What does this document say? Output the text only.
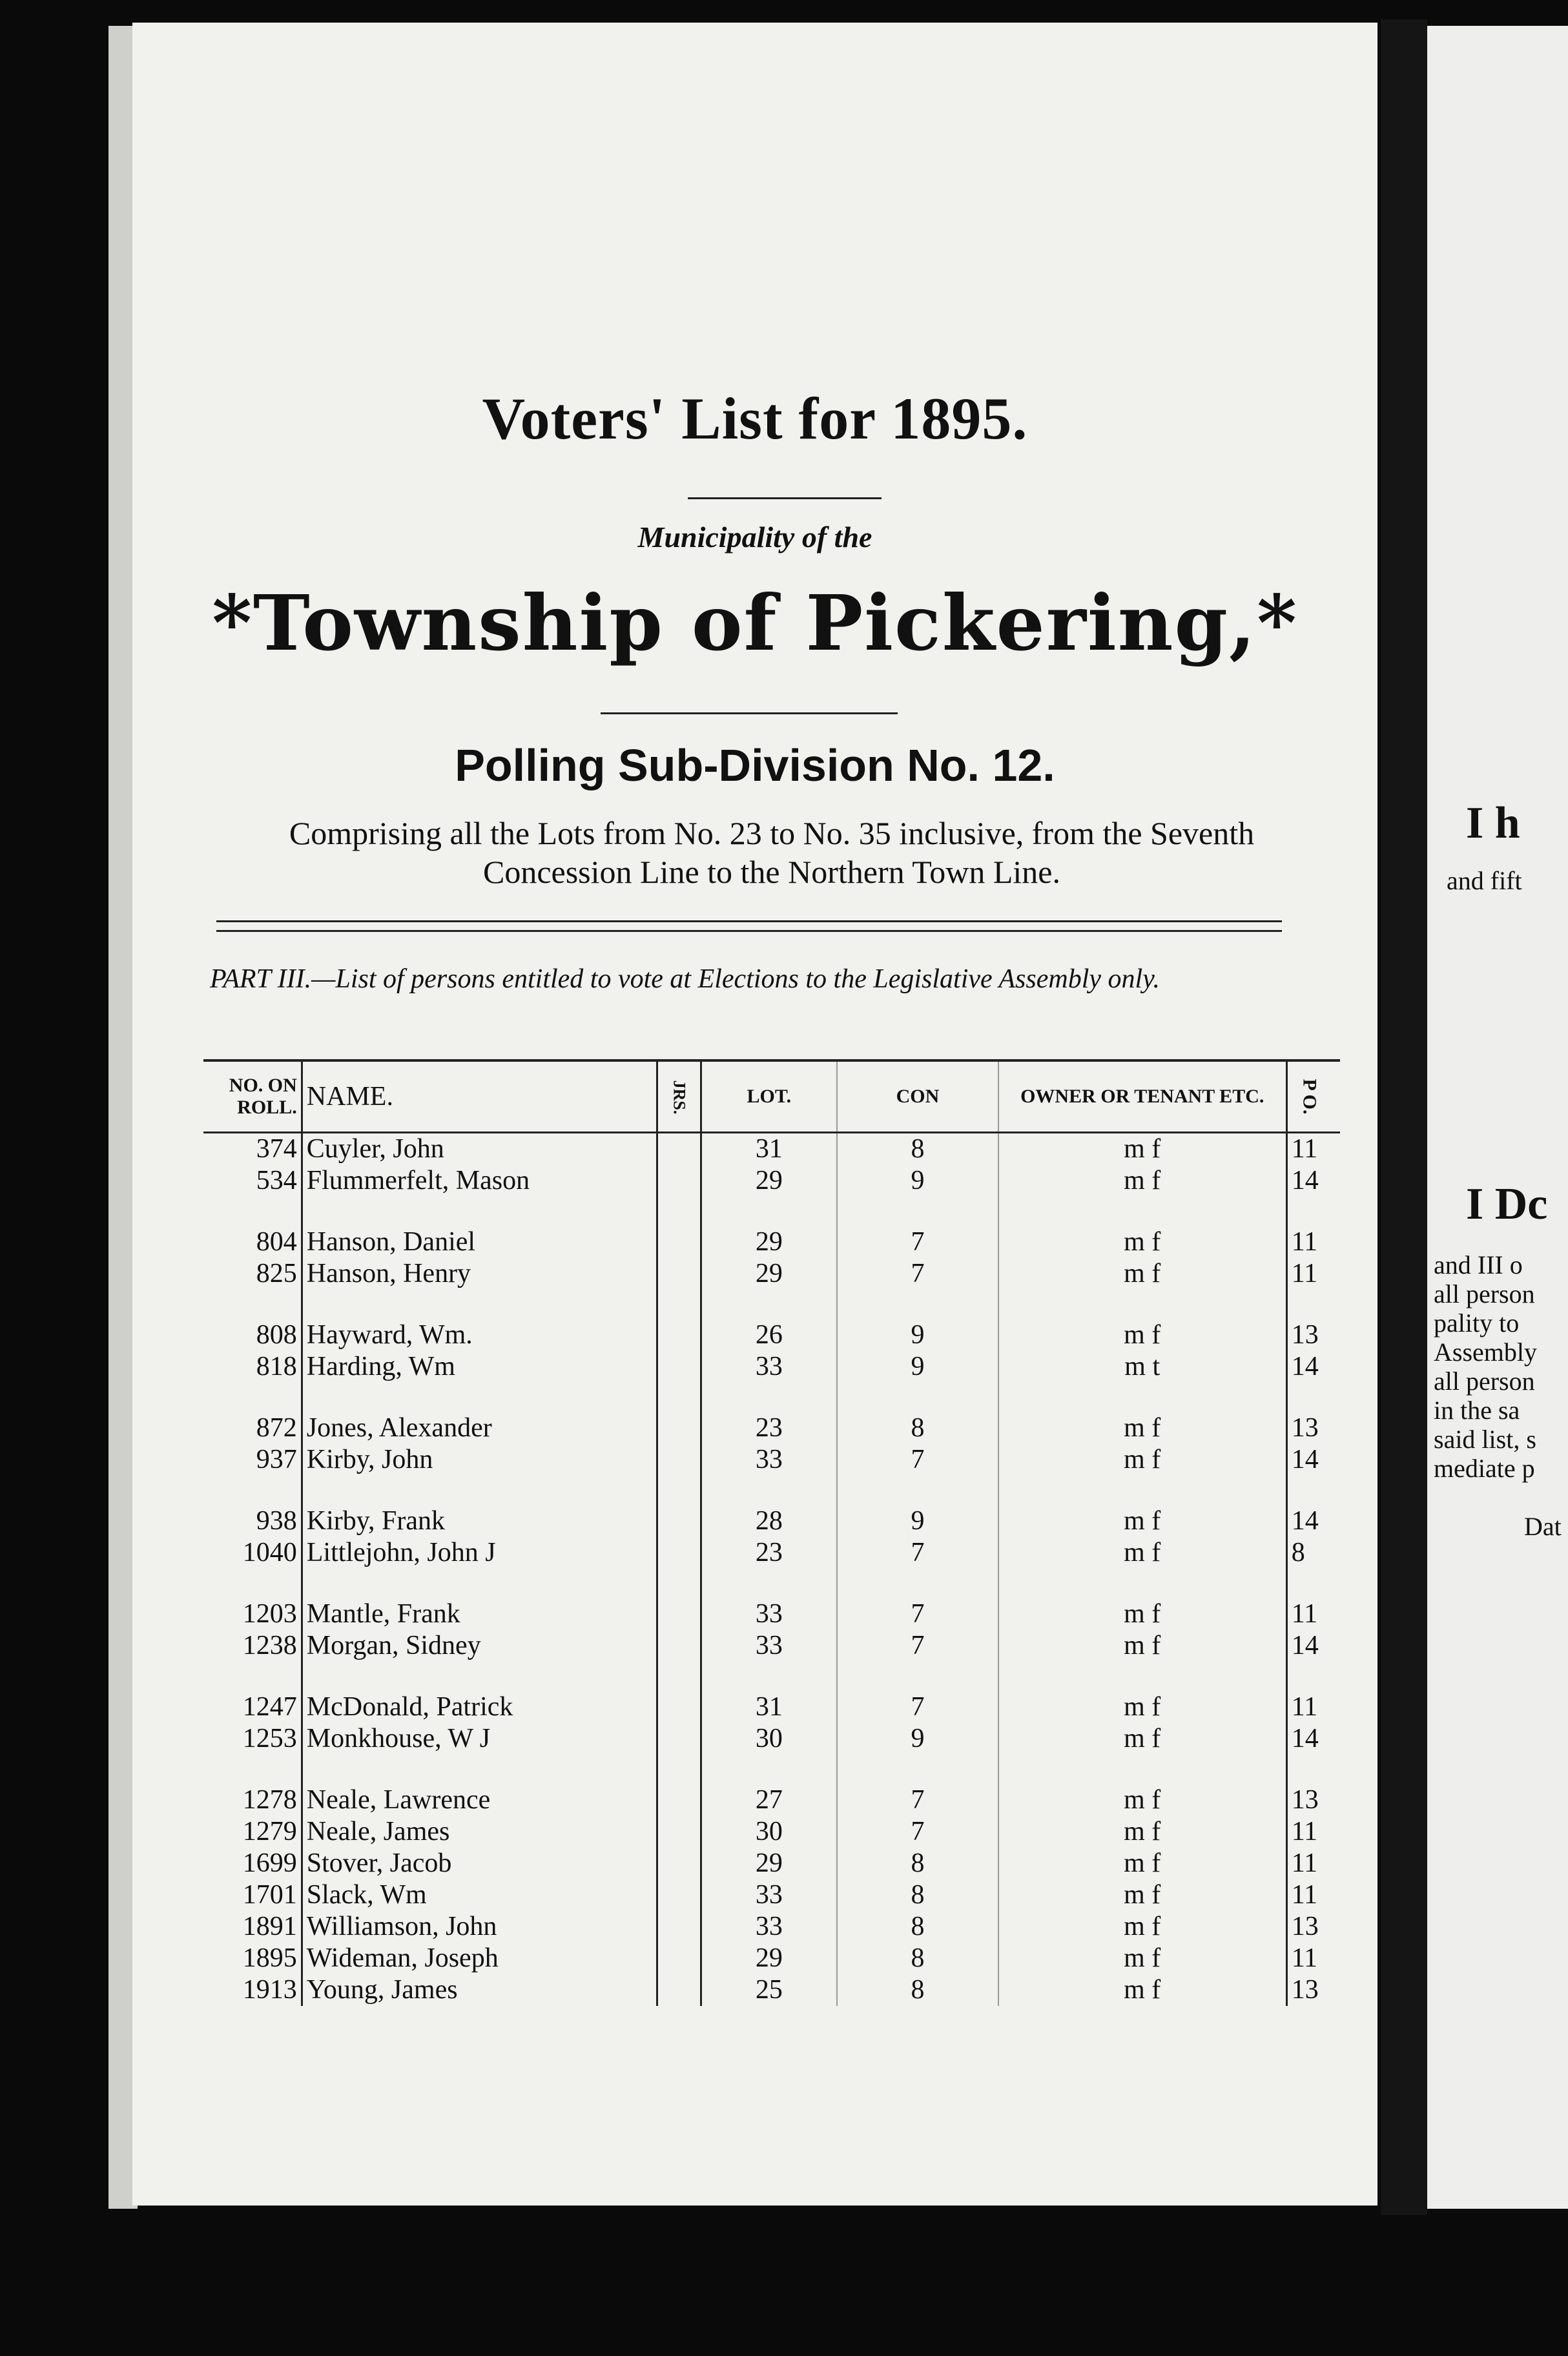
Voters' List for 1895.
Municipality of the
*Township of Pickering,*
Polling Sub-Division No. 12.
Comprising all the Lots from No. 23 to No. 35 inclusive, from the Seventh
Concession Line to the Northern Town Line.
PART III.—List of persons entitled to vote at Elections to the Legislative Assembly only.
NO. ON ROLL.	NAME.	JRS.	LOT.	CON	OWNER OR TENANT ETC.	P O.
374	Cuyler, John		31	8	m f	11
534	Flummerfelt, Mason		29	9	m f	14

804	Hanson, Daniel		29	7	m f	11
825	Hanson, Henry		29	7	m f	11

808	Hayward, Wm.		26	9	m f	13
818	Harding, Wm		33	9	m t	14

872	Jones, Alexander		23	8	m f	13
937	Kirby, John		33	7	m f	14

938	Kirby, Frank		28	9	m f	14
1040	Littlejohn, John J		23	7	m f	8

1203	Mantle, Frank		33	7	m f	11
1238	Morgan, Sidney		33	7	m f	14

1247	McDonald, Patrick		31	7	m f	11
1253	Monkhouse, W J		30	9	m f	14

1278	Neale, Lawrence		27	7	m f	13
1279	Neale, James		30	7	m f	11
1699	Stover, Jacob		29	8	m f	11
1701	Slack, Wm		33	8	m f	11
1891	Williamson, John		33	8	m f	13
1895	Wideman, Joseph		29	8	m f	11
1913	Young, James		25	8	m f	13
I h
and fift
I Dc
and III o
all person
pality to
Assembly
all person
in the sa
said list, s
mediate p
Dat
